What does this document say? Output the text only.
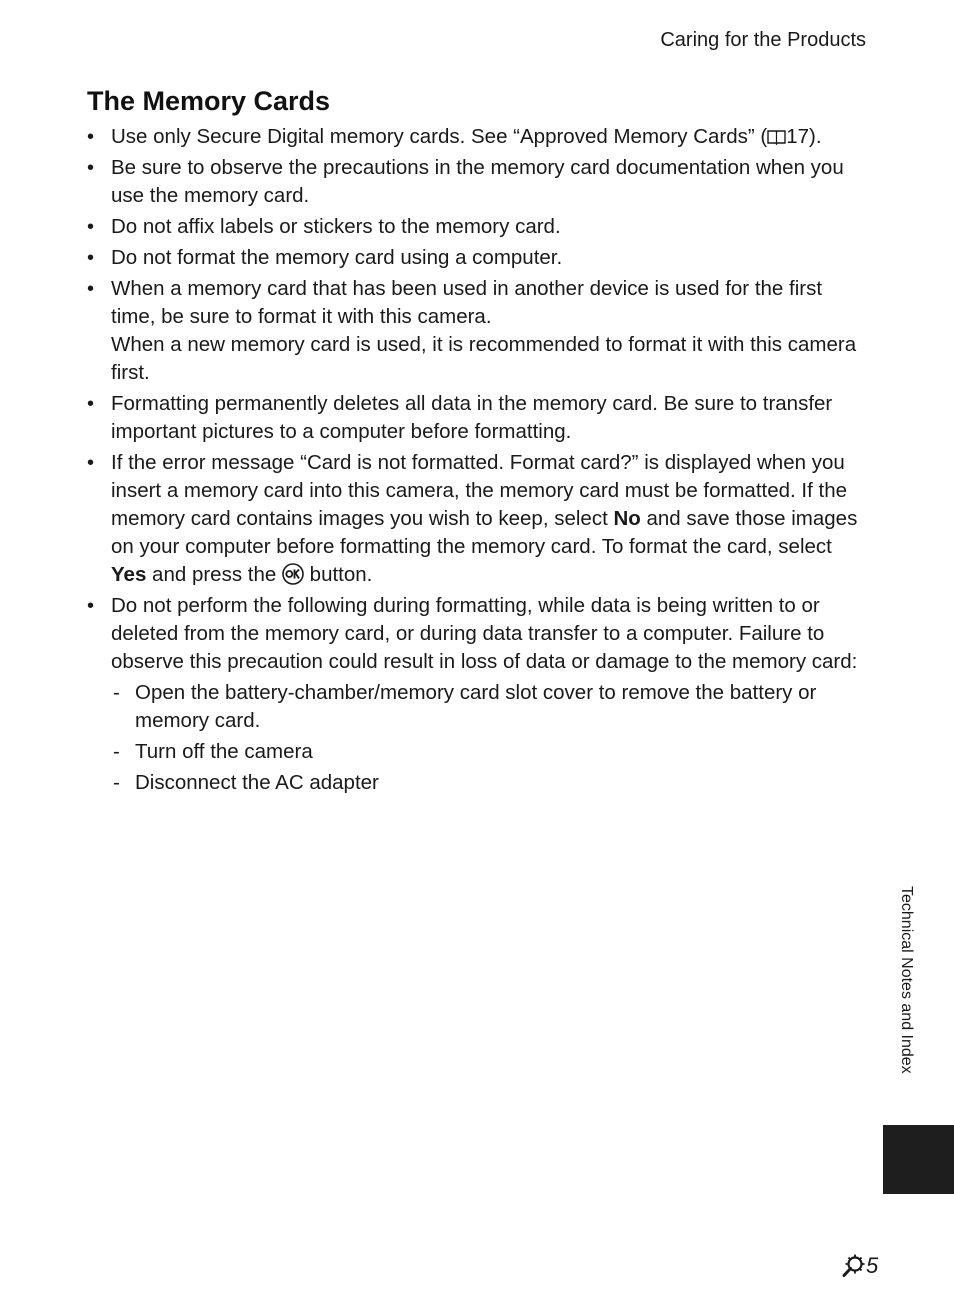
Caring for the Products
The Memory Cards
• Use only Secure Digital memory cards. See “Approved Memory Cards” ( 17).
• Be sure to observe the precautions in the memory card documentation when you use the memory card.
• Do not affix labels or stickers to the memory card.
• Do not format the memory card using a computer.
• When a memory card that has been used in another device is used for the first time, be sure to format it with this camera.
When a new memory card is used, it is recommended to format it with this camera first.
• Formatting permanently deletes all data in the memory card. Be sure to transfer important pictures to a computer before formatting.
• If the error message “Card is not formatted. Format card?” is displayed when you insert a memory card into this camera, the memory card must be formatted. If the memory card contains images you wish to keep, select No and save those images on your computer before formatting the memory card. To format the card, select Yes and press the  button.
• Do not perform the following during formatting, while data is being written to or deleted from the memory card, or during data transfer to a computer. Failure to observe this precaution could result in loss of data or damage to the memory card:
- Open the battery-chamber/memory card slot cover to remove the battery or memory card.
- Turn off the camera
- Disconnect the AC adapter
Technical Notes and Index
5
